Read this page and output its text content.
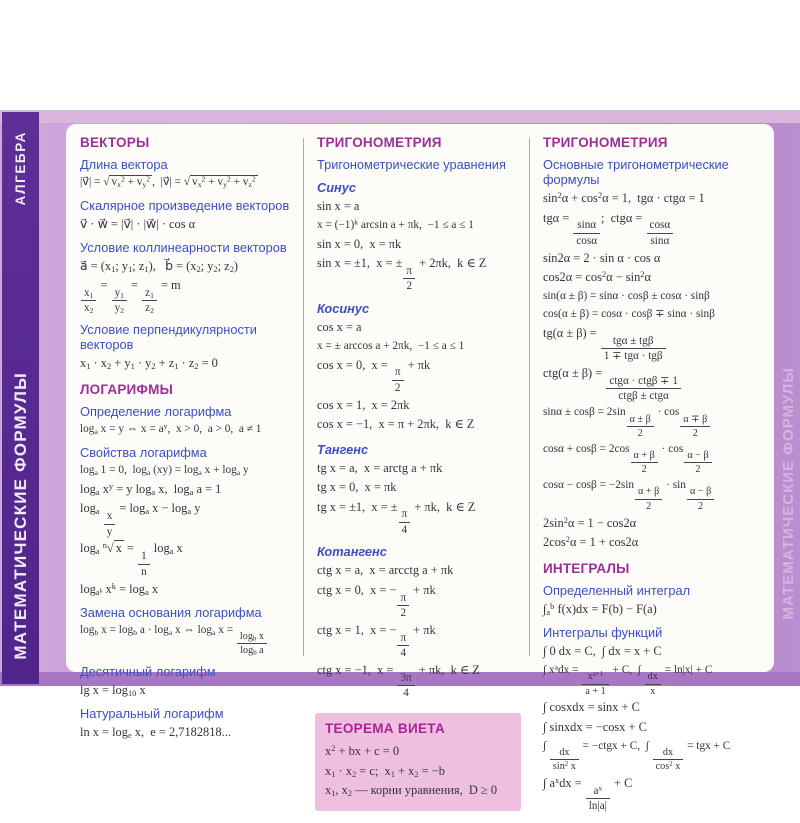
МАТЕМАТИЧЕСКИЕ ФОРМУЛЫ
АЛГЕБРА
МАТЕМАТИЧЕСКИЕ ФОРМУЛЫ
ВЕКТОРЫ
Длина вектора
|v⃗| = √ $v_x^2 + v_y^2$ ,  |v⃗| = √ $v_x^2 + v_y^2 + v_z^2$
Скалярное произведение векторов
v⃗ · w⃗ = |v⃗| · |w⃗| · cos α
Условие коллинеарности векторов
a⃗ = ($x_1$; $y_1$; $z_1$),   b⃗ = ($x_2$; $y_2$; $z_2$)
$\frac{x_1}{x_2}$
=
$\frac{y_1}{y_2}$
=
$\frac{z_1}{z_2}$
= m
Условие перпендикулярности векторов
$x_1 \cdot x_2 + y_1 \cdot y_2 + z_1 \cdot z_2 = 0$
ЛОГАРИФМЫ
Определение логарифма
$\log_a x = y$ ⇔ $x = a^y$,  x > 0,  a > 0,  a ≠ 1
Свойства логарифма
$\log_a 1 = 0$,  $\log_a (xy) = \log_a x + \log_a y$
$\log_a x^y = y$ $\log_a x$,  $\log_a a = 1$
$\log_a \frac{x}{y}$
= $\log_a x - \log_a y$
$\log_a ^n√$ x =
$\frac{1}{n}$
$\log_a x$
$\log_{a^k} x^k = \log_a x$
Замена основания логарифма
$\log_b x = \log_b a \cdot \log_a x$ ⇔ $\log_a x$ =
$\frac{\log_b x}{\log_b a}$
Десятичный логарифм
$\lg x = \log_{10} x$
Натуральный логарифм
$\ln x = \log_e x$,  e = 2,7182818...
ТРИГОНОМЕТРИЯ
Тригонометрические уравнения
Синус
sin x = a
$x = (-1)^k$ arcsin a + πk,  −1 ≤ a ≤ 1
sin x = 0,  x = πk
sin x = ±1,  x = ±
$\frac{\pi}{2}$
+ 2πk,  k ∈ Z
Косинус
cos x = a
x = ± arccos a + 2πk,  −1 ≤ a ≤ 1
cos x = 0,  x =
$\frac{\pi}{2}$
+ πk
cos x = 1,  x = 2πk
cos x = −1,  x = π + 2πk,  k ∈ Z
Тангенс
tg x = a,  x = arctg a + πk
tg x = 0,  x = πk
tg x = ±1,  x = ±
$\frac{\pi}{4}$
+ πk,  k ∈ Z
Котангенс
ctg x = a,  x = arcctg a + πk
ctg x = 0,  x = −
$\frac{\pi}{2}$
+ πk
ctg x = 1,  x = −
$\frac{\pi}{4}$
+ πk
ctg x = −1,  x =
$\frac{3\pi}{4}$
+ πk,  k ∈ Z
ТЕОРЕМА ВИЕТА
$x^2$ + bx + c = 0
$x_1 \cdot x_2 = c$;  $x_1 + x_2 = -b$
$x_1$, $x_2$ — корни уравнения,  D ≥ 0
ТРИГОНОМЕТРИЯ
Основные тригонометрические формулы
$\sin^2\alpha + \cos^2\alpha = 1$,  tgα · ctgα = 1
tgα =
$\frac{\sin\alpha}{\cos\alpha}$
;  ctgα =
$\frac{\cos\alpha}{\sin\alpha}$
sin2α = 2 · sin α · cos α
$\cos 2\alpha = \cos^2\alpha - \sin^2\alpha$
sin(α ± β) = sinα · cosβ ± cosα · sinβ
cos(α ± β) = cosα · cosβ ∓ sinα · sinβ
tg(α ± β) =
tgα ± tgβ
1 ∓ tgα · tgβ
ctg(α ± β) =
ctgα · ctgβ ∓ 1
ctgβ ± ctgα
sinα ± cosβ = 2sin
$\frac{\alpha \pm \beta}{2}$
· cos
$\frac{\alpha \mp \beta}{2}$
cosα + cosβ = 2cos
$\frac{\alpha + \beta}{2}$
· cos
$\frac{\alpha - \beta}{2}$
cosα − cosβ = −2sin
$\frac{\alpha + \beta}{2}$
· sin
$\frac{\alpha - \beta}{2}$
$2\sin^2\alpha = 1 - \cos 2\alpha$
$2\cos^2\alpha = 1 + \cos 2\alpha$
ИНТЕГРАЛЫ
Определенный интеграл
$\int_a^b$ f(x)dx = F(b) − F(a)
Интегралы функций
∫ 0 dx = C,  ∫ dx = x + C
∫ $x^adx$ =
$\frac{x^{a+1}}{a + 1}$
+ C,  ∫
$\frac{dx}{x}$
= ln|x| + C
∫ cosxdx = sinx + C
∫ sinxdx = −cosx + C
∫
$\frac{dx}{\sin^2 x}$
= −ctgx + C,  ∫
$\frac{dx}{\cos^2 x}$
= tgx + C
∫ $a^xdx$ =
$\frac{a^x}{\ln|a|}$
+ C
